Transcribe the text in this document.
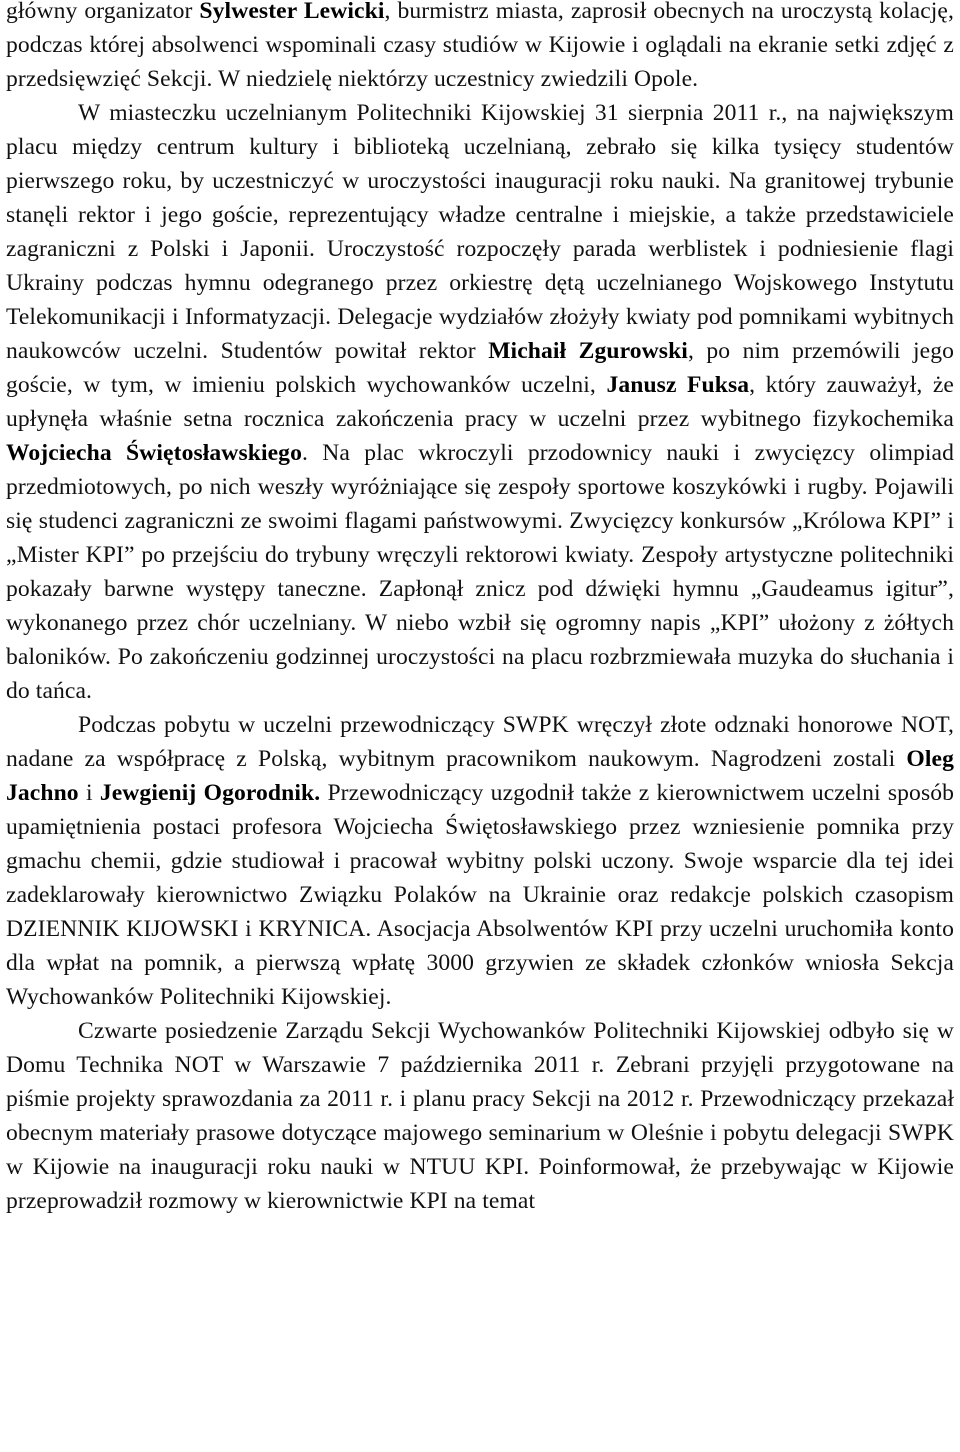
główny organizator Sylwester Lewicki, burmistrz miasta, zaprosił obecnych na uroczystą kolację, podczas której absolwenci wspominali czasy studiów w Kijowie i oglądali na ekranie setki zdjęć z przedsięwzięć Sekcji. W niedzielę niektórzy uczestnicy zwiedzili Opole.

W miasteczku uczelnianym Politechniki Kijowskiej 31 sierpnia 2011 r., na największym placu między centrum kultury i biblioteką uczelnianą, zebrało się kilka tysięcy studentów pierwszego roku, by uczestniczyć w uroczystości inauguracji roku nauki. Na granitowej trybunie stanęli rektor i jego goście, reprezentujący władze centralne i miejskie, a także przedstawiciele zagraniczni z Polski i Japonii. Uroczystość rozpoczęły parada werblistek i podniesienie flagi Ukrainy podczas hymnu odegranego przez orkiestrę dętą uczelnianego Wojskowego Instytutu Telekomunikacji i Informatyzacji. Delegacje wydziałów złożyły kwiaty pod pomnikami wybitnych naukowców uczelni. Studentów powitał rektor Michaił Zgurowski, po nim przemówili jego goście, w tym, w imieniu polskich wychowanków uczelni, Janusz Fuksa, który zauważył, że upłynęła właśnie setna rocznica zakończenia pracy w uczelni przez wybitnego fizykochemika Wojciecha Świętosławskiego. Na plac wkroczyli przodownicy nauki i zwycięzcy olimpiad przedmiotowych, po nich weszły wyróżniające się zespoły sportowe koszykówki i rugby. Pojawili się studenci zagraniczni ze swoimi flagami państwowymi. Zwycięzcy konkursów „Królowa KPI” i „Mister KPI” po przejściu do trybuny wręczyli rektorowi kwiaty. Zespoły artystyczne politechniki pokazały barwne występy taneczne. Zapłonął znicz pod dźwięki hymnu „Gaudeamus igitur”, wykonanego przez chór uczelniany. W niebo wzbił się ogromny napis „KPI” ułożony z żółtych baloników. Po zakończeniu godzinnej uroczystości na placu rozbrzmiewała muzyka do słuchania i do tańca.

Podczas pobytu w uczelni przewodniczący SWPK wręczył złote odznaki honorowe NOT, nadane za współpracę z Polską, wybitnym pracownikom naukowym. Nagrodzeni zostali Oleg Jachno i Jewgienij Ogorodnik. Przewodniczący uzgodnił także z kierownictwem uczelni sposób upamiętnienia postaci profesora Wojciecha Świętosławskiego przez wzniesienie pomnika przy gmachu chemii, gdzie studiował i pracował wybitny polski uczony. Swoje wsparcie dla tej idei zadeklarowały kierownictwo Związku Polaków na Ukrainie oraz redakcje polskich czasopism DZIENNIK KIJOWSKI i KRYNICA. Asocjacja Absolwentów KPI przy uczelni uruchomiła konto dla wpłat na pomnik, a pierwszą wpłatę 3000 grzywien ze składek członków wniosła Sekcja Wychowanków Politechniki Kijowskiej.

Czwarte posiedzenie Zarządu Sekcji Wychowanków Politechniki Kijowskiej odbyło się w Domu Technika NOT w Warszawie 7 października 2011 r. Zebrani przyjęli przygotowane na piśmie projekty sprawozdania za 2011 r. i planu pracy Sekcji na 2012 r. Przewodniczący przekazał obecnym materiały prasowe dotyczące majowego seminarium w Oleśnie i pobytu delegacji SWPK w Kijowie na inauguracji roku nauki w NTUU KPI. Poinformował, że przebywając w Kijowie przeprowadził rozmowy w kierownictwie KPI na temat
